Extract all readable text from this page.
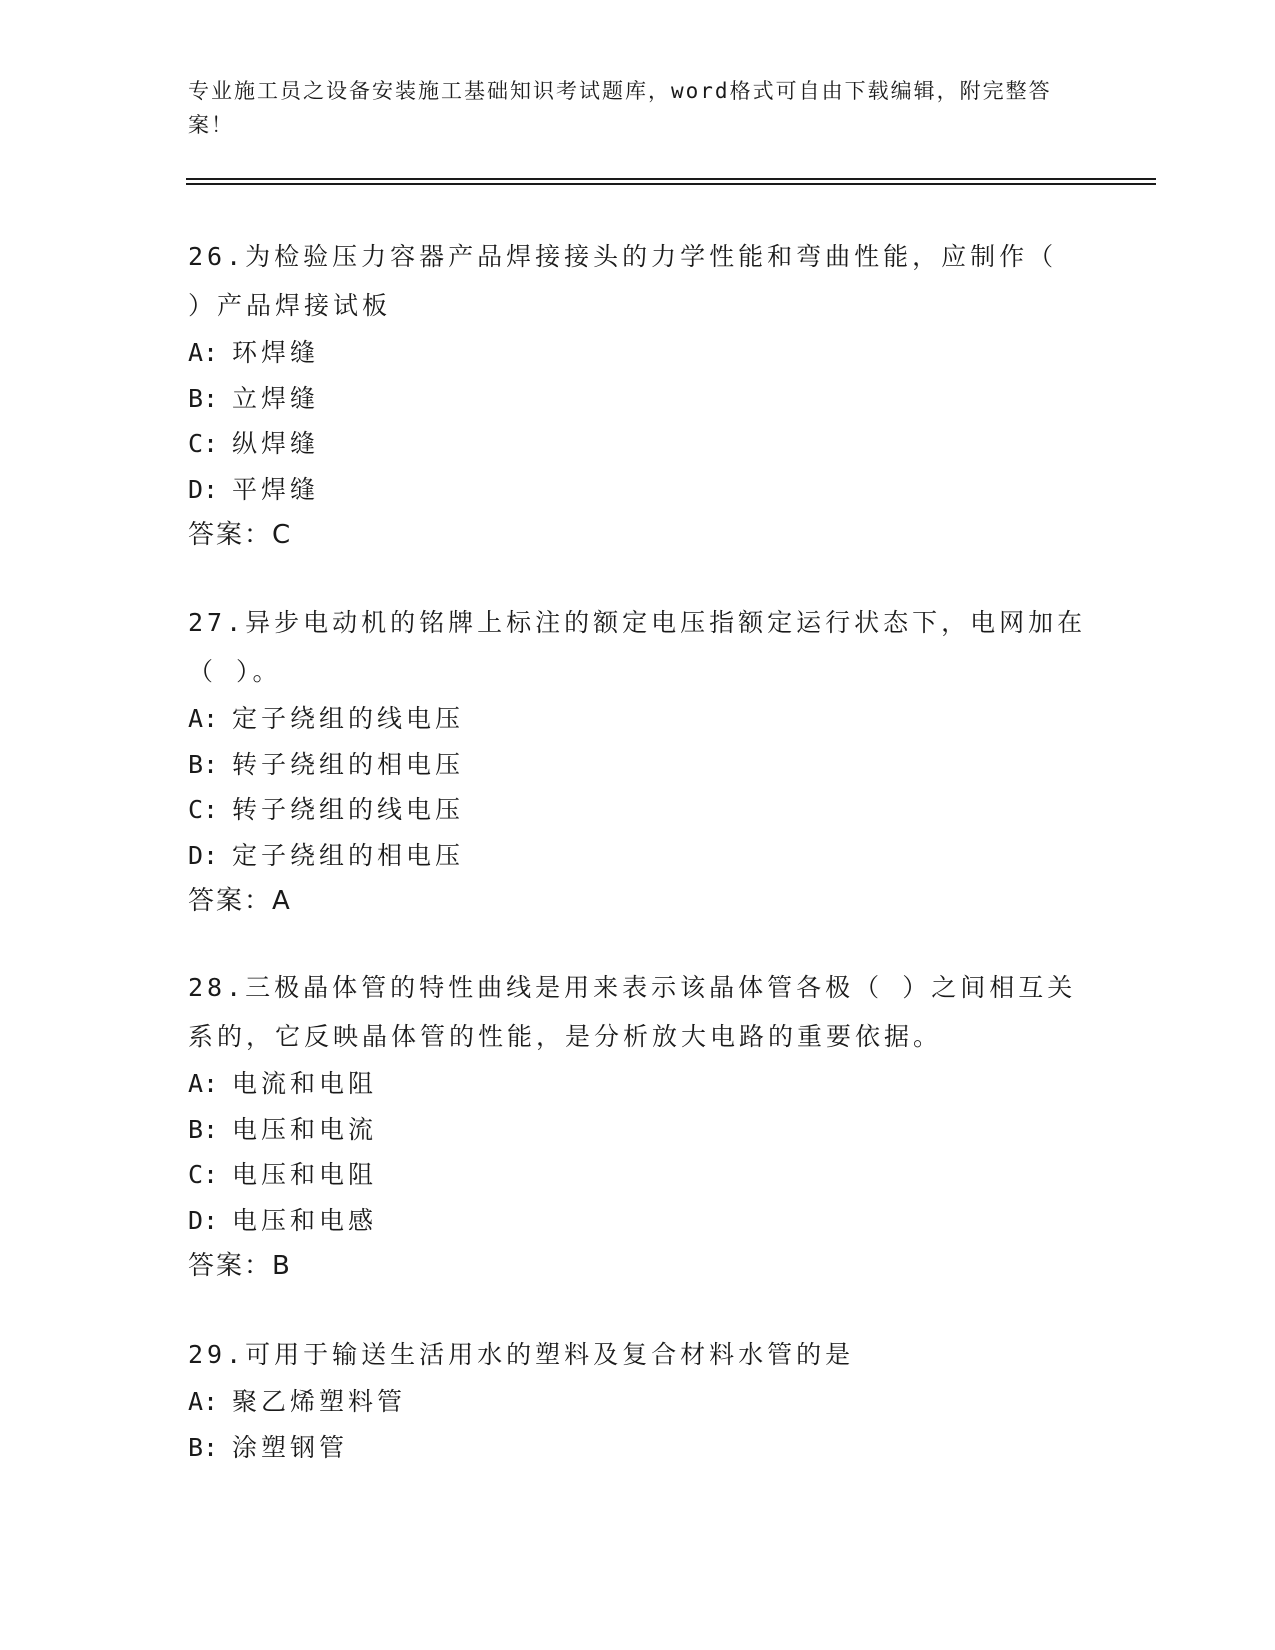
专业施工员之设备安装施工基础知识考试题库，word格式可自由下载编辑，附完整答案！

26.为检验压力容器产品焊接接头的力学性能和弯曲性能，应制作（ ）产品焊接试板

A: 环焊缝

B: 立焊缝

C: 纵焊缝

D: 平焊缝

答案：C

27.异步电动机的铭牌上标注的额定电压指额定运行状态下，电网加在（ ）。

A: 定子绕组的线电压

B: 转子绕组的相电压

C: 转子绕组的线电压

D: 定子绕组的相电压

答案：A

28.三极晶体管的特性曲线是用来表示该晶体管各极（ ）之间相互关系的，它反映晶体管的性能，是分析放大电路的重要依据。

A: 电流和电阻

B: 电压和电流

C: 电压和电阻

D: 电压和电感

答案：B

29.可用于输送生活用水的塑料及复合材料水管的是

A: 聚乙烯塑料管

B: 涂塑钢管
